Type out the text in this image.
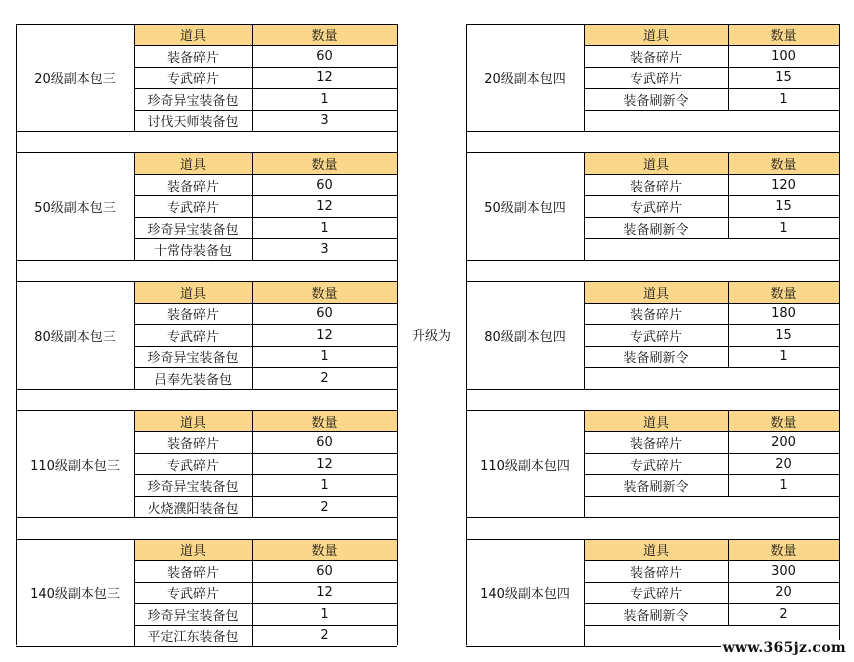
20级副本包三
道具	数量
装备碎片	60
专武碎片	12
珍奇异宝装备包	1
讨伐天师装备包	3
20级副本包四
道具	数量
装备碎片	100
专武碎片	15
装备刷新令	1
50级副本包三
道具	数量
装备碎片	60
专武碎片	12
珍奇异宝装备包	1
十常侍装备包	3
50级副本包四
道具	数量
装备碎片	120
专武碎片	15
装备刷新令	1
80级副本包三
道具	数量
装备碎片	60
专武碎片	12
珍奇异宝装备包	1
吕奉先装备包	2
80级副本包四
道具	数量
装备碎片	180
专武碎片	15
装备刷新令	1
110级副本包三
道具	数量
装备碎片	60
专武碎片	12
珍奇异宝装备包	1
火烧濮阳装备包	2
110级副本包四
道具	数量
装备碎片	200
专武碎片	20
装备刷新令	1
140级副本包三
道具	数量
装备碎片	60
专武碎片	12
珍奇异宝装备包	1
平定江东装备包	2
140级副本包四
道具	数量
装备碎片	300
专武碎片	20
装备刷新令	2
升级为
www.365jz.com
